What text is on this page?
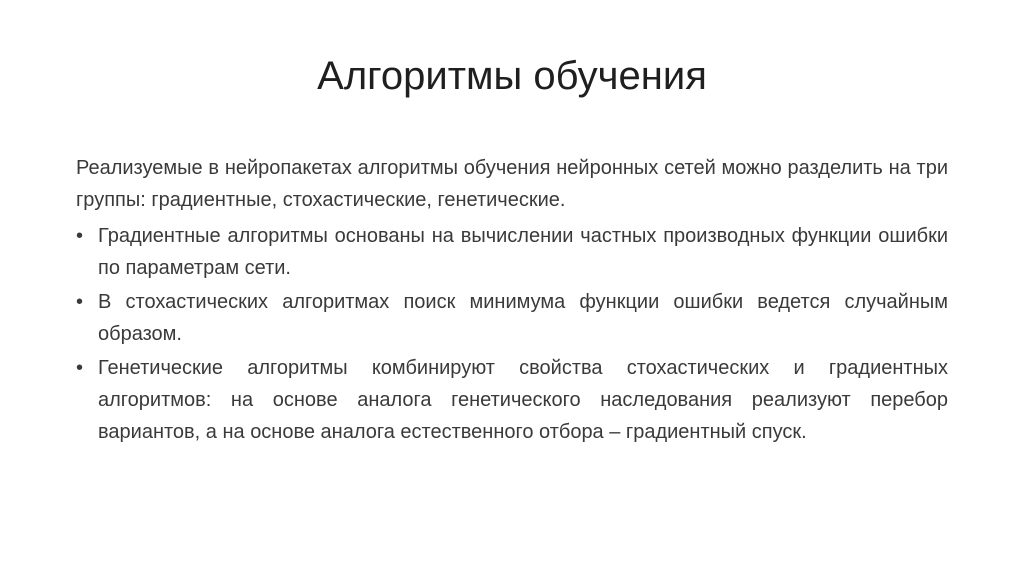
Алгоритмы обучения

Реализуемые в нейропакетах алгоритмы обучения нейронных сетей можно разделить на три группы: градиентные, стохастические, генетические.

• Градиентные алгоритмы основаны на вычислении частных производных функции ошибки по параметрам сети.
• В стохастических алгоритмах поиск минимума функции ошибки ведется случайным образом.
• Генетические алгоритмы комбинируют свойства стохастических и градиентных алгоритмов: на основе аналога генетического наследования реализуют перебор вариантов, а на основе аналога естественного отбора – градиентный спуск.
